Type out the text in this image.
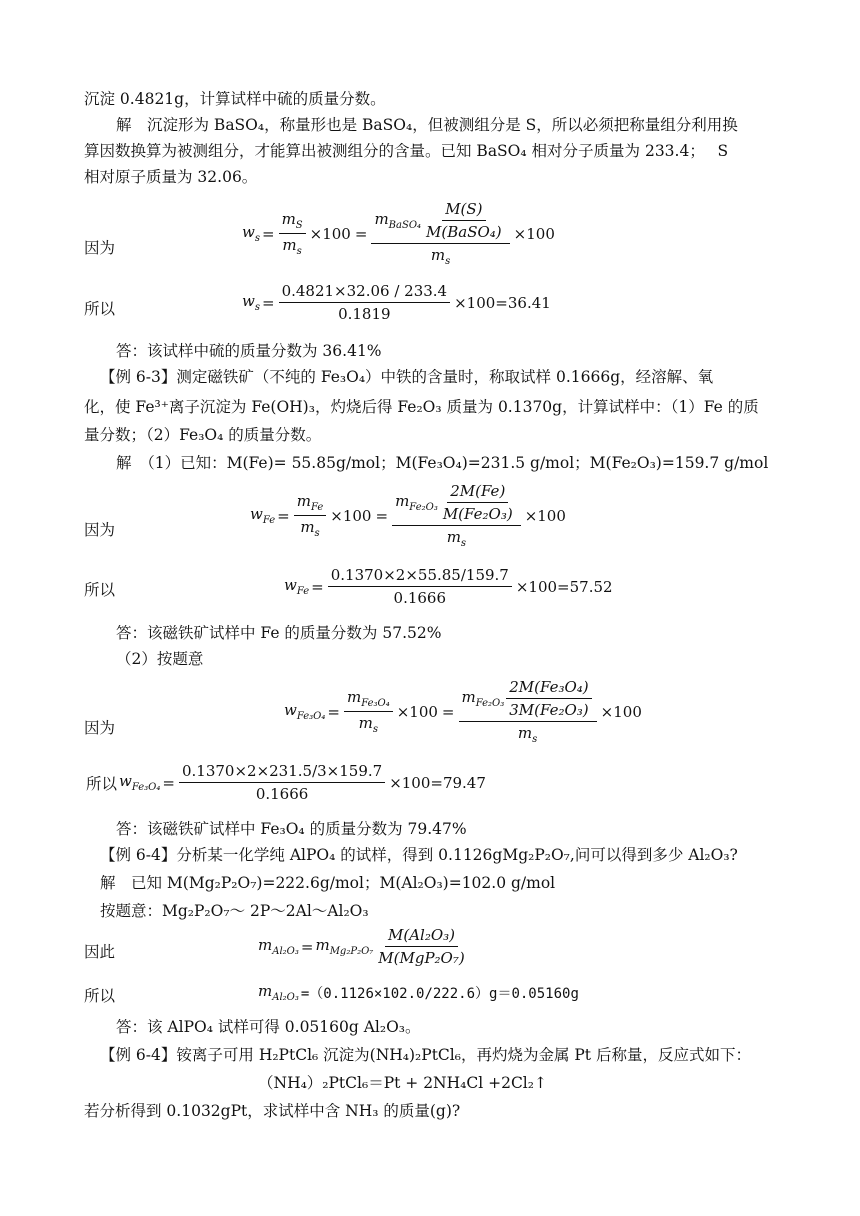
沉淀 0.4821g，计算试样中硫的质量分数。
解　沉淀形为 BaSO₄，称量形也是 BaSO₄，但被测组分是 S，所以必须把称量组分利用换
算因数换算为被测组分，才能算出被测组分的含量。已知 BaSO₄ 相对分子质量为 233.4；　 S
相对原子质量为 32.06。
因为
$w_s = \frac{m_S}{m_s} \times 100 = \frac{m_{BaSO_4} \frac{M(S)}{\text{M(BaSO₄)}}}{m_s} \times 100$
所以	$w_s = \frac{0.4821\times 32.06 / 233.4}{0.1819} \times 100=36.41$
答：该试样中硫的质量分数为 36.41%
【例 6-3】测定磁铁矿（不纯的 Fe₃O₄）中铁的含量时，称取试样 0.1666g，经溶解、氧
化，使 Fe³⁺离子沉淀为 Fe(OH)₃，灼烧后得 Fe₂O₃ 质量为 0.1370g，计算试样中：（1）Fe 的质
量分数；（2）Fe₃O₄ 的质量分数。
解　（1）已知：M(Fe)= 55.85g/mol；M(Fe₃O₄)=231.5 g/mol；M(Fe₂O₃)=159.7 g/mol
因为
$w_{Fe} = \frac{m_{Fe}}{m_s} \times 100 = \frac{m_{Fe_2O_3} \frac{2M(Fe)}{\text{M(Fe₂O₃)}}}{m_s} \times 100$
所以	$w_{Fe} = \frac{0.1370\times 2\times 55.85/159.7}{0.1666} \times 100=57.52$
答：该磁铁矿试样中 Fe 的质量分数为 57.52%
（2）按题意
因为
$w_{Fe_3O_4} = \frac{m_{Fe_3O_4}}{m_s} \times 100 = \frac{m_{Fe_2O_3} \frac{\text{2M(Fe₃O₄)}}{\text{3M(Fe₂O₃)}}}{m_s} \times 100$
所以 $w_{Fe_3O_4} = \frac{0.1370\times 2\times 231.5/3\times 159.7}{0.1666} \times 100=79.47$
答：该磁铁矿试样中 Fe₃O₄ 的质量分数为 79.47%
【例 6-4】分析某一化学纯 AlPO₄ 的试样，得到 0.1126gMg₂P₂O₇,问可以得到多少 Al₂O₃?
解　已知 M(Mg₂P₂O₇)=222.6g/mol；M(Al₂O₃)=102.0 g/mol
按题意：Mg₂P₂O₇～ 2P～2Al～Al₂O₃
因此	$m_{Al_2O_3} = m_{Mg_2P_2O_7} \frac{\text{M(Al₂O₃)}}{\text{M(MgP₂O₇)}}$
所以	$m_{Al_2O_3} =(0.1126\times 102.0/222.6)g=0.05160g$
答：该 AlPO₄ 试样可得 0.05160g Al₂O₃。
【例 6-4】铵离子可用 H₂PtCl₆ 沉淀为(NH₄)₂PtCl₆，再灼烧为金属 Pt 后称量，反应式如下：
（NH₄）₂PtCl₆＝Pt + 2NH₄Cl +2Cl₂↑
若分析得到 0.1032gPt，求试样中含 NH₃ 的质量(g)?
